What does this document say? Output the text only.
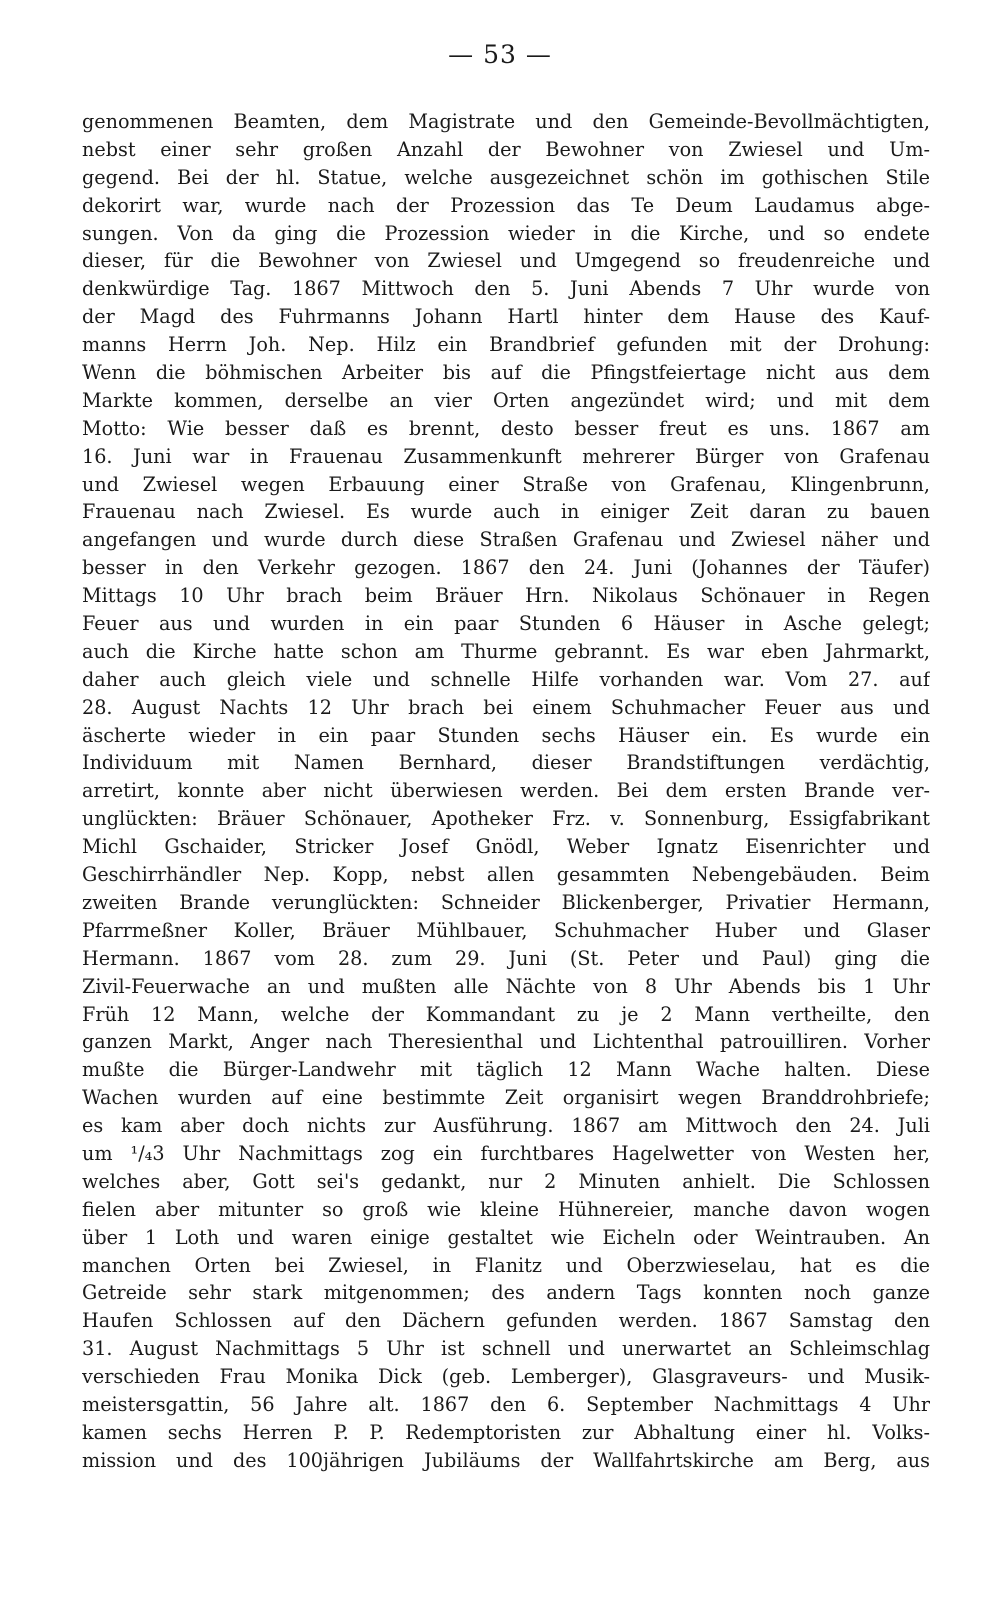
— 53 —
genommenen Beamten, dem Magistrate und den Gemeinde-Bevollmächtigten,
nebst einer sehr großen Anzahl der Bewohner von Zwiesel und Um-
gegend. Bei der hl. Statue, welche ausgezeichnet schön im gothischen Stile
dekorirt war, wurde nach der Prozession das Te Deum Laudamus abge-
sungen. Von da ging die Prozession wieder in die Kirche, und so endete
dieser, für die Bewohner von Zwiesel und Umgegend so freudenreiche und
denkwürdige Tag. 1867 Mittwoch den 5. Juni Abends 7 Uhr wurde von
der Magd des Fuhrmanns Johann Hartl hinter dem Hause des Kauf-
manns Herrn Joh. Nep. Hilz ein Brandbrief gefunden mit der Drohung:
Wenn die böhmischen Arbeiter bis auf die Pfingstfeiertage nicht aus dem
Markte kommen, derselbe an vier Orten angezündet wird; und mit dem
Motto: Wie besser daß es brennt, desto besser freut es uns. 1867 am
16. Juni war in Frauenau Zusammenkunft mehrerer Bürger von Grafenau
und Zwiesel wegen Erbauung einer Straße von Grafenau, Klingenbrunn,
Frauenau nach Zwiesel. Es wurde auch in einiger Zeit daran zu bauen
angefangen und wurde durch diese Straßen Grafenau und Zwiesel näher und
besser in den Verkehr gezogen. 1867 den 24. Juni (Johannes der Täufer)
Mittags 10 Uhr brach beim Bräuer Hrn. Nikolaus Schönauer in Regen
Feuer aus und wurden in ein paar Stunden 6 Häuser in Asche gelegt;
auch die Kirche hatte schon am Thurme gebrannt. Es war eben Jahrmarkt,
daher auch gleich viele und schnelle Hilfe vorhanden war. Vom 27. auf
28. August Nachts 12 Uhr brach bei einem Schuhmacher Feuer aus und
äscherte wieder in ein paar Stunden sechs Häuser ein. Es wurde ein
Individuum mit Namen Bernhard, dieser Brandstiftungen verdächtig,
arretirt, konnte aber nicht überwiesen werden. Bei dem ersten Brande ver-
unglückten: Bräuer Schönauer, Apotheker Frz. v. Sonnenburg, Essigfabrikant
Michl Gschaider, Stricker Josef Gnödl, Weber Ignatz Eisenrichter und
Geschirrhändler Nep. Kopp, nebst allen gesammten Nebengebäuden. Beim
zweiten Brande verunglückten: Schneider Blickenberger, Privatier Hermann,
Pfarrmeßner Koller, Bräuer Mühlbauer, Schuhmacher Huber und Glaser
Hermann. 1867 vom 28. zum 29. Juni (St. Peter und Paul) ging die
Zivil-Feuerwache an und mußten alle Nächte von 8 Uhr Abends bis 1 Uhr
Früh 12 Mann, welche der Kommandant zu je 2 Mann vertheilte, den
ganzen Markt, Anger nach Theresienthal und Lichtenthal patrouilliren. Vorher
mußte die Bürger-Landwehr mit täglich 12 Mann Wache halten. Diese
Wachen wurden auf eine bestimmte Zeit organisirt wegen Branddrohbriefe;
es kam aber doch nichts zur Ausführung. 1867 am Mittwoch den 24. Juli
um ¹/₄3 Uhr Nachmittags zog ein furchtbares Hagelwetter von Westen her,
welches aber, Gott sei's gedankt, nur 2 Minuten anhielt. Die Schlossen
fielen aber mitunter so groß wie kleine Hühnereier, manche davon wogen
über 1 Loth und waren einige gestaltet wie Eicheln oder Weintrauben. An
manchen Orten bei Zwiesel, in Flanitz und Oberzwieselau, hat es die
Getreide sehr stark mitgenommen; des andern Tags konnten noch ganze
Haufen Schlossen auf den Dächern gefunden werden. 1867 Samstag den
31. August Nachmittags 5 Uhr ist schnell und unerwartet an Schleimschlag
verschieden Frau Monika Dick (geb. Lemberger), Glasgraveurs- und Musik-
meistersgattin, 56 Jahre alt. 1867 den 6. September Nachmittags 4 Uhr
kamen sechs Herren P. P. Redemptoristen zur Abhaltung einer hl. Volks-
mission und des 100jährigen Jubiläums der Wallfahrtskirche am Berg, aus
